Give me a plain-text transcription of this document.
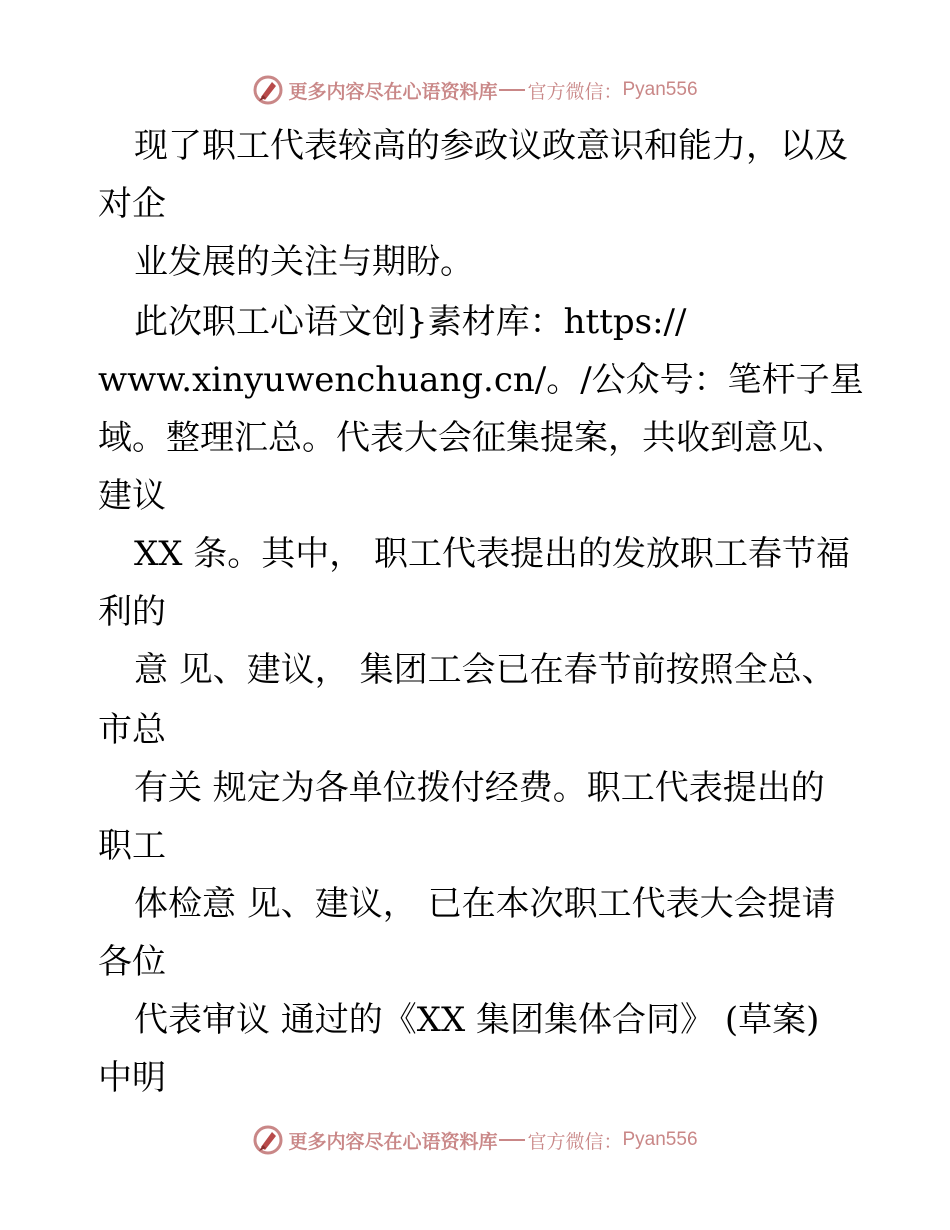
更多内容尽在心语资料库 官方微信： Pyan556
现了职工代表较高的参政议政意识和能力，以及
对企
业发展的关注与期盼。
此次职工心语文创}素材库：https://
www.xinyuwenchuang.cn/。/公众号：笔杆子星
域。整理汇总。代表大会征集提案，共收到意见、
建议
XX 条。其中， 职工代表提出的发放职工春节福
利的
意 见、建议， 集团工会已在春节前按照全总、
市总
有关 规定为各单位拨付经费。职工代表提出的
职工
体检意 见、建议， 已在本次职工代表大会提请
各位
代表审议 通过的《XX 集团集体合同》 (草案)
中明
更多内容尽在心语资料库 官方微信： Pyan556
